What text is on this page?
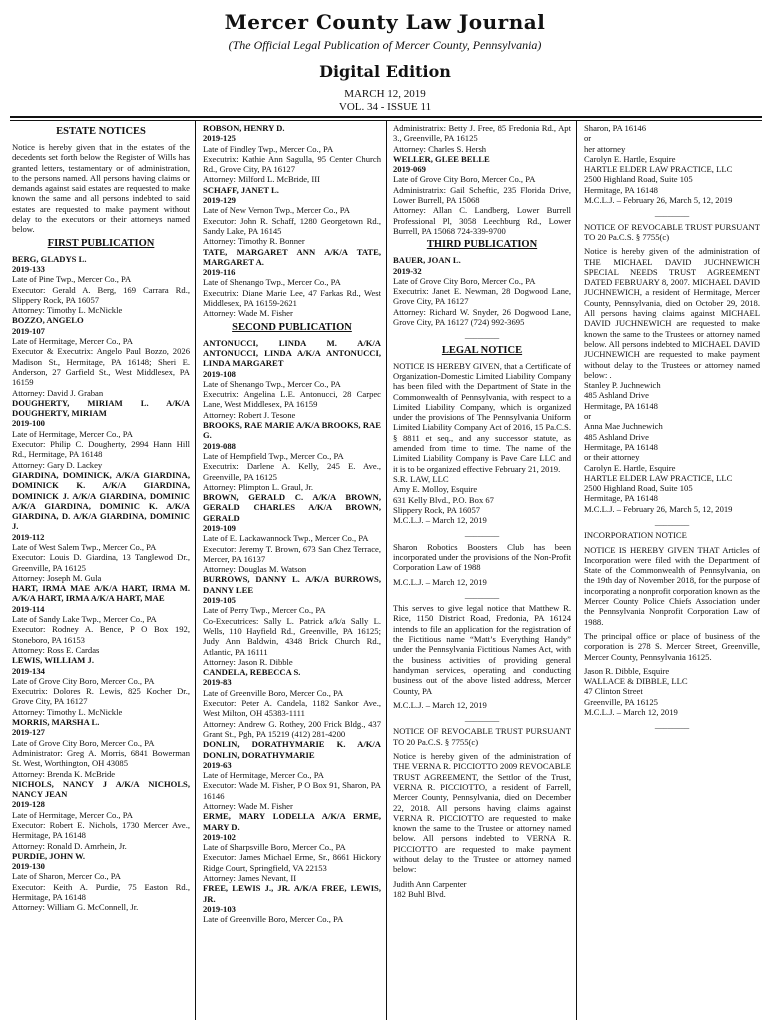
Mercer County Law Journal
(The Official Legal Publication of Mercer County, Pennsylvania)
Digital Edition
MARCH 12, 2019
VOL. 34 - ISSUE 11
ESTATE NOTICES

Notice is hereby given that in the estates of the decedents set forth below the Register of Wills has granted letters, testamentary or of administration, to the persons named. All persons having claims or demands against said estates are requested to make known the same and all persons indebted to said estates are requested to make payment without delay to the executors or their attorneys named below.

FIRST PUBLICATION

BERG, GLADYS L.

2019-133

Late of Pine Twp., Mercer Co., PA

Executor: Gerald A. Berg, 169 Carrara Rd., Slippery Rock, PA 16057

Attorney: Timothy L. McNickle

BOZZO, ANGELO

2019-107

Late of Hermitage, Mercer Co., PA

Executor & Executrix: Angelo Paul Bozzo, 2026 Madison St., Hermitage, PA 16148; Sheri E. Anderson, 27 Garfield St., West Middlesex, PA 16159

Attorney: David J. Graban

DOUGHERTY, MIRIAM L. A/K/A DOUGHERTY, MIRIAM

2019-100

Late of Hermitage, Mercer Co., PA

Executor: Philip C. Dougherty, 2994 Hann Hill Rd., Hermitage, PA 16148

Attorney: Gary D. Lackey

GIARDINA, DOMINICK, A/K/A GIARDINA, DOMINICK K. A/K/A GIARDINA, DOMINICK J. A/K/A GIARDINA, DOMINIC A/K/A GIARDINA, DOMINIC K. A/K/A GIARDINA, D. A/K/A GIARDINA, DOMINIC J.

2019-112

Late of West Salem Twp., Mercer Co., PA

Executor: Louis D. Giardina, 13 Tanglewod Dr., Greenville, PA 16125

Attorney: Joseph M. Gula

HART, IRMA MAE A/K/A HART, IRMA M. A/K/A HART, IRMA A/K/A HART, MAE

2019-114

Late of Sandy Lake Twp., Mercer Co., PA

Executor: Rodney A. Bence, P O Box 192, Stoneboro, PA 16153

Attorney: Ross E. Cardas

LEWIS, WILLIAM J.

2019-134

Late of Grove City Boro, Mercer Co., PA

Executrix: Dolores R. Lewis, 825 Kocher Dr., Grove City, PA 16127

Attorney: Timothy L. McNickle

MORRIS, MARSHA L.

2019-127

Late of Grove City Boro, Mercer Co., PA

Administrator: Greg A. Morris, 6841 Bowerman St. West, Worthington, OH 43085

Attorney: Brenda K. McBride

NICHOLS, NANCY J A/K/A NICHOLS, NANCY JEAN

2019-128

Late of Hermitage, Mercer Co., PA

Executor: Robert E. Nichols, 1730 Mercer Ave., Hermitage, PA 16148

Attorney: Ronald D. Amrhein, Jr.

PURDIE, JOHN W.

2019-130

Late of Sharon, Mercer Co., PA

Executor: Keith A. Purdie, 75 Easton Rd., Hermitage, PA 16148

Attorney: William G. McConnell, Jr.

ROBSON, HENRY D.

2019-125

Late of Findley Twp., Mercer Co., PA

Executrix: Kathie Ann Sagulla, 95 Center Church Rd., Grove City, PA 16127

Attorney: Milford L. McBride, III

SCHAFF, JANET L.

2019-129

Late of New Vernon Twp., Mercer Co., PA

Executor: John R. Schaff, 1280 Georgetown Rd., Sandy Lake, PA 16145

Attorney: Timothy R. Bonner

TATE, MARGARET ANN A/K/A TATE, MARGARET A.

2019-116

Late of Shenango Twp., Mercer Co., PA

Executrix: Diane Marie Lee, 47 Farkas Rd., West Middlesex, PA 16159-2621

Attorney: Wade M. Fisher

SECOND PUBLICATION

ANTONUCCI, LINDA M. A/K/A ANTONUCCI, LINDA A/K/A ANTONUCCI, LINDA MARGARET

2019-108

Late of Shenango Twp., Mercer Co., PA

Executrix: Angelina L.E. Antonucci, 28 Carpec Lane, West Middlesex, PA 16159

Attorney: Robert J. Tesone

BROOKS, RAE MARIE A/K/A BROOKS, RAE G.

2019-088

Late of Hempfield Twp., Mercer Co., PA

Executrix: Darlene A. Kelly, 245 E. Ave., Greenville, PA 16125

Attorney: Plimpton L. Graul, Jr.

BROWN, GERALD C. A/K/A BROWN, GERALD CHARLES A/K/A BROWN, GERALD

2019-109

Late of E. Lackawannock Twp., Mercer Co., PA

Executor: Jeremy T. Brown, 673 San Chez Terrace, Mercer, PA 16137

Attorney: Douglas M. Watson

BURROWS, DANNY L. A/K/A BURROWS, DANNY LEE

2019-105

Late of Perry Twp., Mercer Co., PA

Co-Executrices: Sally L. Patrick a/k/a Sally L. Wells, 110 Hayfield Rd., Greenville, PA 16125; Judy Ann Baldwin, 4348 Brick Church Rd., Atlantic, PA 16111

Attorney: Jason R. Dibble

CANDELA, REBECCA S.

2019-83

Late of Greenville Boro, Mercer Co., PA

Executor: Peter A. Candela, 1182 Sankor Ave., West Milton, OH 45383-1111

Attorney: Andrew G. Rothey, 200 Frick Bldg., 437 Grant St., Pgh, PA 15219 (412) 281-4200

DONLIN, DORATHYMARIE K. A/K/A DONLIN, DORATHYMARIE

2019-63

Late of Hermitage, Mercer Co., PA

Executor: Wade M. Fisher, P O Box 91, Sharon, PA 16146

Attorney: Wade M. Fisher

ERME, MARY LODELLA A/K/A ERME, MARY D.

2019-102

Late of Sharpsville Boro, Mercer Co., PA

Executor: James Michael Erme, Sr., 8661 Hickory Ridge Court, Springfield, VA 22153

Attorney: James Nevant, II

FREE, LEWIS J., JR. A/K/A FREE, LEWIS, JR.

2019-103

Late of Greenville Boro, Mercer Co., PA

Administratrix: Betty J. Free, 85 Fredonia Rd., Apt 3., Greenville, PA 16125

Attorney: Charles S. Hersh

WELLER, GLEE BELLE

2019-069

Late of Grove City Boro, Mercer Co., PA

Administratrix: Gail Scheftic, 235 Florida Drive, Lower Burrell, PA 15068

Attorney: Allan C. Landberg, Lower Burrell Professional Pl, 3058 Leechburg Rd., Lower Burrell, PA 15068 724-339-9700

THIRD PUBLICATION

BAUER, JOAN L.

2019-32

Late of Grove City Boro, Mercer Co., PA

Executrix: Janet E. Newman, 28 Dogwood Lane, Grove City, PA 16127

Attorney: Richard W. Snyder, 26 Dogwood Lane, Grove City, PA 16127 (724) 992-3695

________
LEGAL NOTICE

NOTICE IS HEREBY GIVEN, that a Certificate of Organization-Domestic Limited Liability Company has been filed with the Department of State in the Commonwealth of Pennsylvania, with respect to a Limited Liability Company, which is organized under the provisions of The Pennsylvania Uniform Limited Liability Company Act of 2016, 15 Pa.C.S. § 8811 et seq., and any successor statute, as amended from time to time. The name of the Limited Liability Company is Pave Care LLC and it is to be organized effective February 21, 2019.

S.R. LAW, LLC

Amy E. Molloy, Esquire

631 Kelly Blvd., P.O. Box 67

Slippery Rock, PA 16057

M.C.L.J. – March 12, 2019

________

Sharon Robotics Boosters Club has been incorporated under the provisions of the Non-Profit Corporation Law of 1988

M.C.L.J. – March 12, 2019

________

This serves to give legal notice that Matthew R. Rice, 1150 District Road, Fredonia, PA 16124 intends to file an application for the registration of the Fictitious name “Matt’s Everything Handy” under the Pennsylvania Fictitious Names Act, with the business activities of providing general handyman services, operating and conducting business out of the above listed address, Mercer County, PA

M.C.L.J. – March 12, 2019

________

NOTICE OF REVOCABLE TRUST PURSUANT TO 20 Pa.C.S. § 7755(c)

Notice is hereby given of the administration of THE VERNA R. PICCIOTTO 2009 REVOCABLE TRUST AGREEMENT, the Settlor of the Trust, VERNA R. PICCIOTTO, a resident of Farrell, Mercer County, Pennsylvania, died on December 22, 2018. All persons having claims against VERNA R. PICCIOTTO are requested to make known the same to the Trustee or attorney named below. All persons indebted to VERNA R. PICCIOTTO are requested to make payment without delay to the Trustee or attorney named below:

Judith Ann Carpenter

182 Buhl Blvd.

Sharon, PA 16146

or

her attorney

Carolyn E. Hartle, Esquire

HARTLE ELDER LAW PRACTICE, LLC

2500 Highland Road, Suite 105

Hermitage, PA 16148

M.C.L.J. – February 26, March 5, 12, 2019

________

NOTICE OF REVOCABLE TRUST PURSUANT TO 20 Pa.C.S. § 7755(c)

Notice is hereby given of the administration of THE MICHAEL DAVID JUCHNEWICH SPECIAL NEEDS TRUST AGREEMENT DATED FEBRUARY 8, 2007. MICHAEL DAVID JUCHNEWICH, a resident of Hermitage, Mercer County, Pennsylvania, died on October 29, 2018. All persons having claims against MICHAEL DAVID JUCHNEWICH are requested to make known the same to the Trustees or attorney named below. All persons indebted to MICHAEL DAVID JUCHNEWICH are requested to make payment without delay to the Trustees or attorney named below: .

Stanley P. Juchnewich

485 Ashland Drive

Hermitage, PA 16148

or

Anna Mae Juchnewich

485 Ashland Drive

Hermitage, PA 16148

or their attorney

Carolyn E. Hartle, Esquire

HARTLE ELDER LAW PRACTICE, LLC

2500 Highland Road, Suite 105

Hermitage, PA 16148

M.C.L.J. – February 26, March 5, 12, 2019

________

INCORPORATION NOTICE

NOTICE IS HEREBY GIVEN THAT Articles of Incorporation were filed with the Department of State of the Commonwealth of Pennsylvania, on the 19th day of November 2018, for the purpose of incorporating a nonprofit corporation known as the Mercer County Police Chiefs Association under the Pennsylvania Nonprofit Corporation Law of 1988.

The principal office or place of business of the corporation is 278 S. Mercer Street, Greenville, Mercer County, Pennsylvania 16125.

Jason R. Dibble, Esquire

WALLACE & DIBBLE, LLC

47 Clinton Street

Greenville, PA 16125

M.C.L.J. – March 12, 2019

________
